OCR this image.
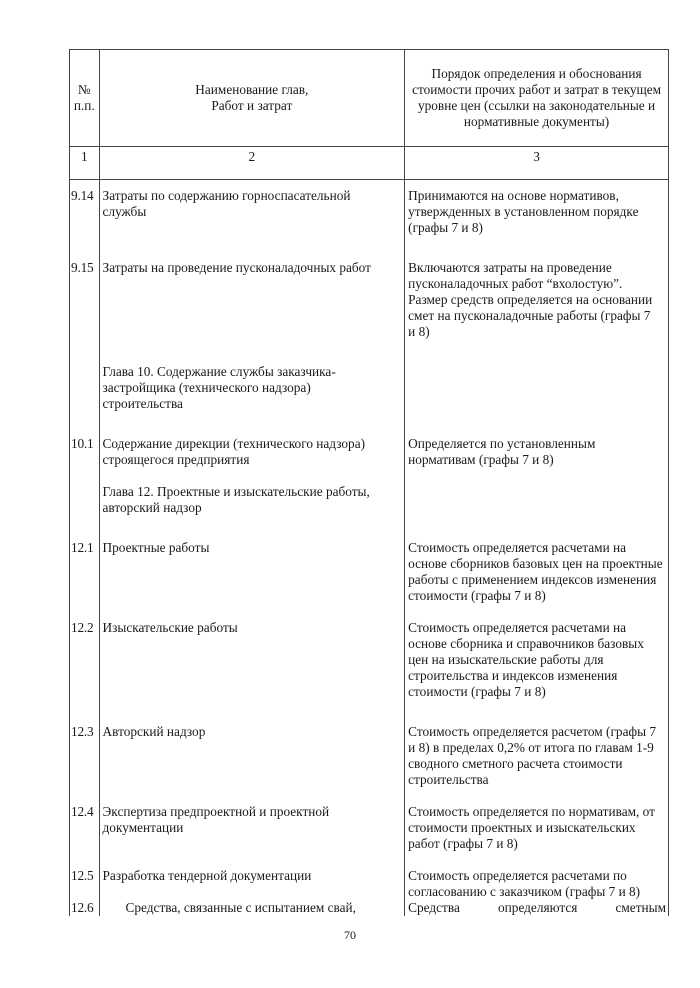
№ п.п.	Наименование глав, Работ и затрат	Порядок определения и обоснования стоимости прочих работ и затрат в текущем уровне цен (ссылки на законодательные и нормативные документы)
1	2	3
9.14	Затраты по содержанию горноспасательной службы	Принимаются на основе нормативов, утвержденных в установленном порядке (графы 7 и 8)
9.15	Затраты на проведение пусконаладочных работ	Включаются затраты на проведение пусконаладочных работ “вхолостую”. Размер средств определяется на основании смет на пусконаладочные работы (графы 7 и 8)
	Глава 10. Содержание службы заказчика-застройщика (технического надзора) строительства	
10.1	Содержание дирекции (технического надзора) строящегося предприятия	Определяется по установленным нормативам (графы 7 и 8)
	Глава 12. Проектные и изыскательские работы, авторский надзор	
12.1	Проектные работы	Стоимость определяется расчетами на основе сборников базовых цен на проектные работы с применением индексов изменения стоимости (графы 7 и 8)
12.2	Изыскательские работы	Стоимость определяется расчетами на основе сборника и справочников базовых цен на изыскательские работы для строительства и индексов изменения стоимости (графы 7 и 8)
12.3	Авторский надзор	Стоимость определяется расчетом (графы 7 и 8) в пределах 0,2% от итога по главам 1-9 сводного сметного расчета стоимости строительства
12.4	Экспертиза предпроектной и проектной документации	Стоимость определяется по нормативам, от стоимости проектных и изыскательских работ (графы 7 и 8)
12.5	Разработка тендерной документации	Стоимость определяется расчетами по согласованию с заказчиком (графы 7 и 8)
12.6	Средства, связанные с испытанием свай,	Средства определяются сметным
70
